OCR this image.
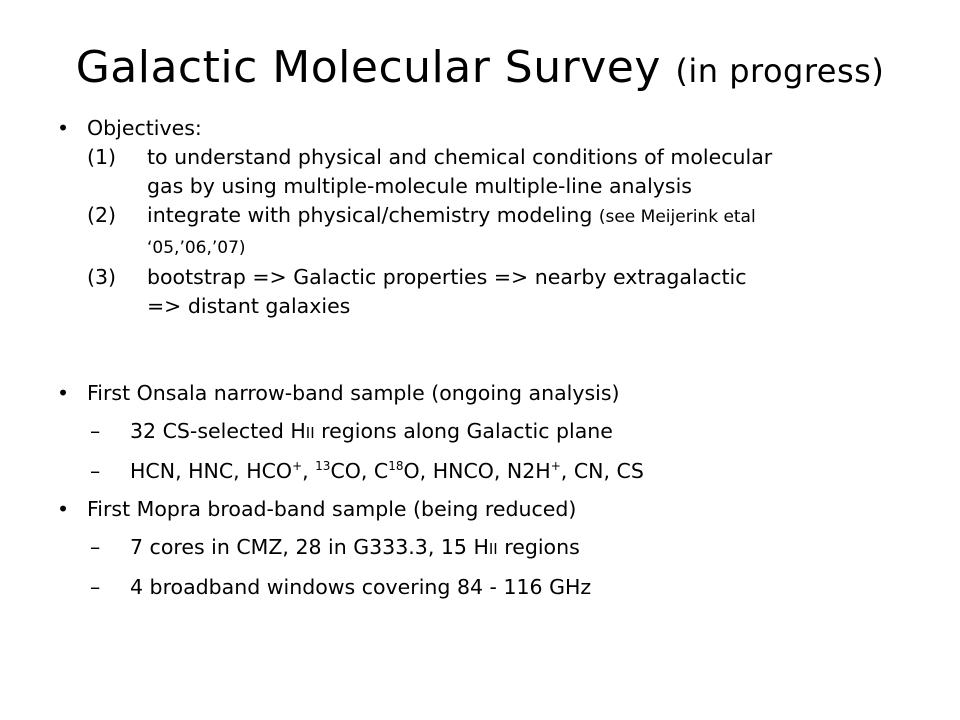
Galactic Molecular Survey (in progress)
• Objectives:
(1) to understand physical and chemical conditions of molecular
gas by using multiple-molecule multiple-line analysis
(2) integrate with physical/chemistry modeling (see Meijerink etal ‘05,’06,’07)
(3) bootstrap => Galactic properties => nearby extragalactic
=> distant galaxies
• First Onsala narrow-band sample (ongoing analysis)
– 32 CS-selected HII regions along Galactic plane
– HCN, HNC, HCO+, $^{13}$CO, $C^{18}O$, HNCO, N2H+, CN, CS
• First Mopra broad-band sample (being reduced)
– 7 cores in CMZ, 28 in G333.3, 15 HII regions
– 4 broadband windows covering 84 - 116 GHz
